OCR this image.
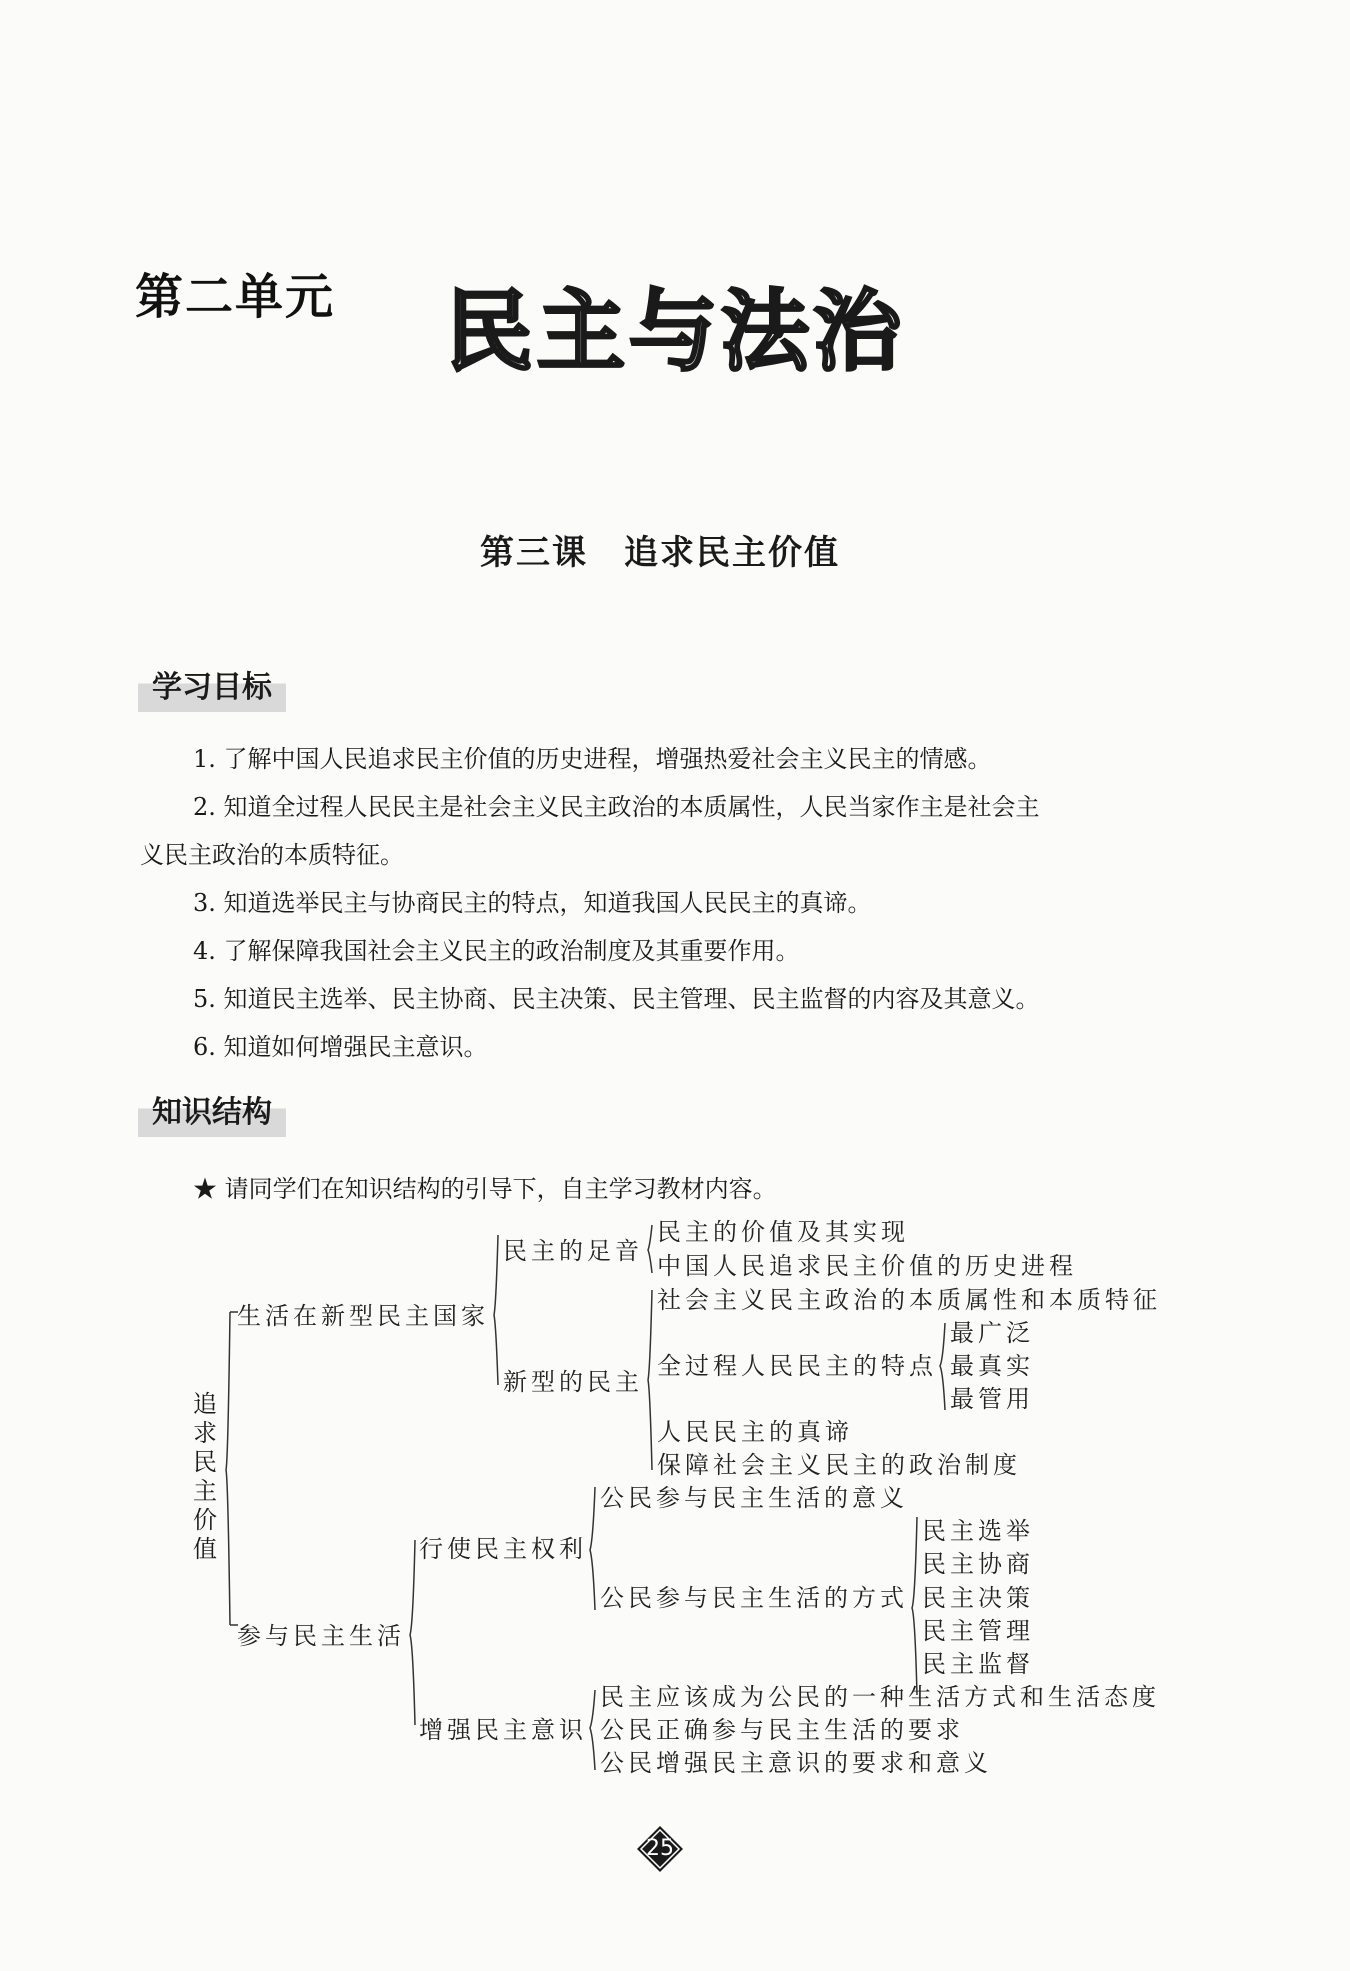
第二单元 民主与法治
第三课　追求民主价值
学习目标
1. 了解中国人民追求民主价值的历史进程，增强热爱社会主义民主的情感。
2. 知道全过程人民民主是社会主义民主政治的本质属性，人民当家作主是社会主
义民主政治的本质特征。
3. 知道选举民主与协商民主的特点，知道我国人民民主的真谛。
4. 了解保障我国社会主义民主的政治制度及其重要作用。
5. 知道民主选举、民主协商、民主决策、民主管理、民主监督的内容及其意义。
6. 知道如何增强民主意识。
知识结构
★ 请同学们在知识结构的引导下，自主学习教材内容。
追求民主价值
生活在新型民主国家
民主的足音
民主的价值及其实现
中国人民追求民主价值的历史进程
新型的民主
社会主义民主政治的本质属性和本质特征
全过程人民民主的特点
最广泛
最真实
最管用
人民民主的真谛
保障社会主义民主的政治制度
参与民主生活
行使民主权利
公民参与民主生活的意义
公民参与民主生活的方式
民主选举
民主协商
民主决策
民主管理
民主监督
增强民主意识
民主应该成为公民的一种生活方式和生活态度
公民正确参与民主生活的要求
公民增强民主意识的要求和意义
25
